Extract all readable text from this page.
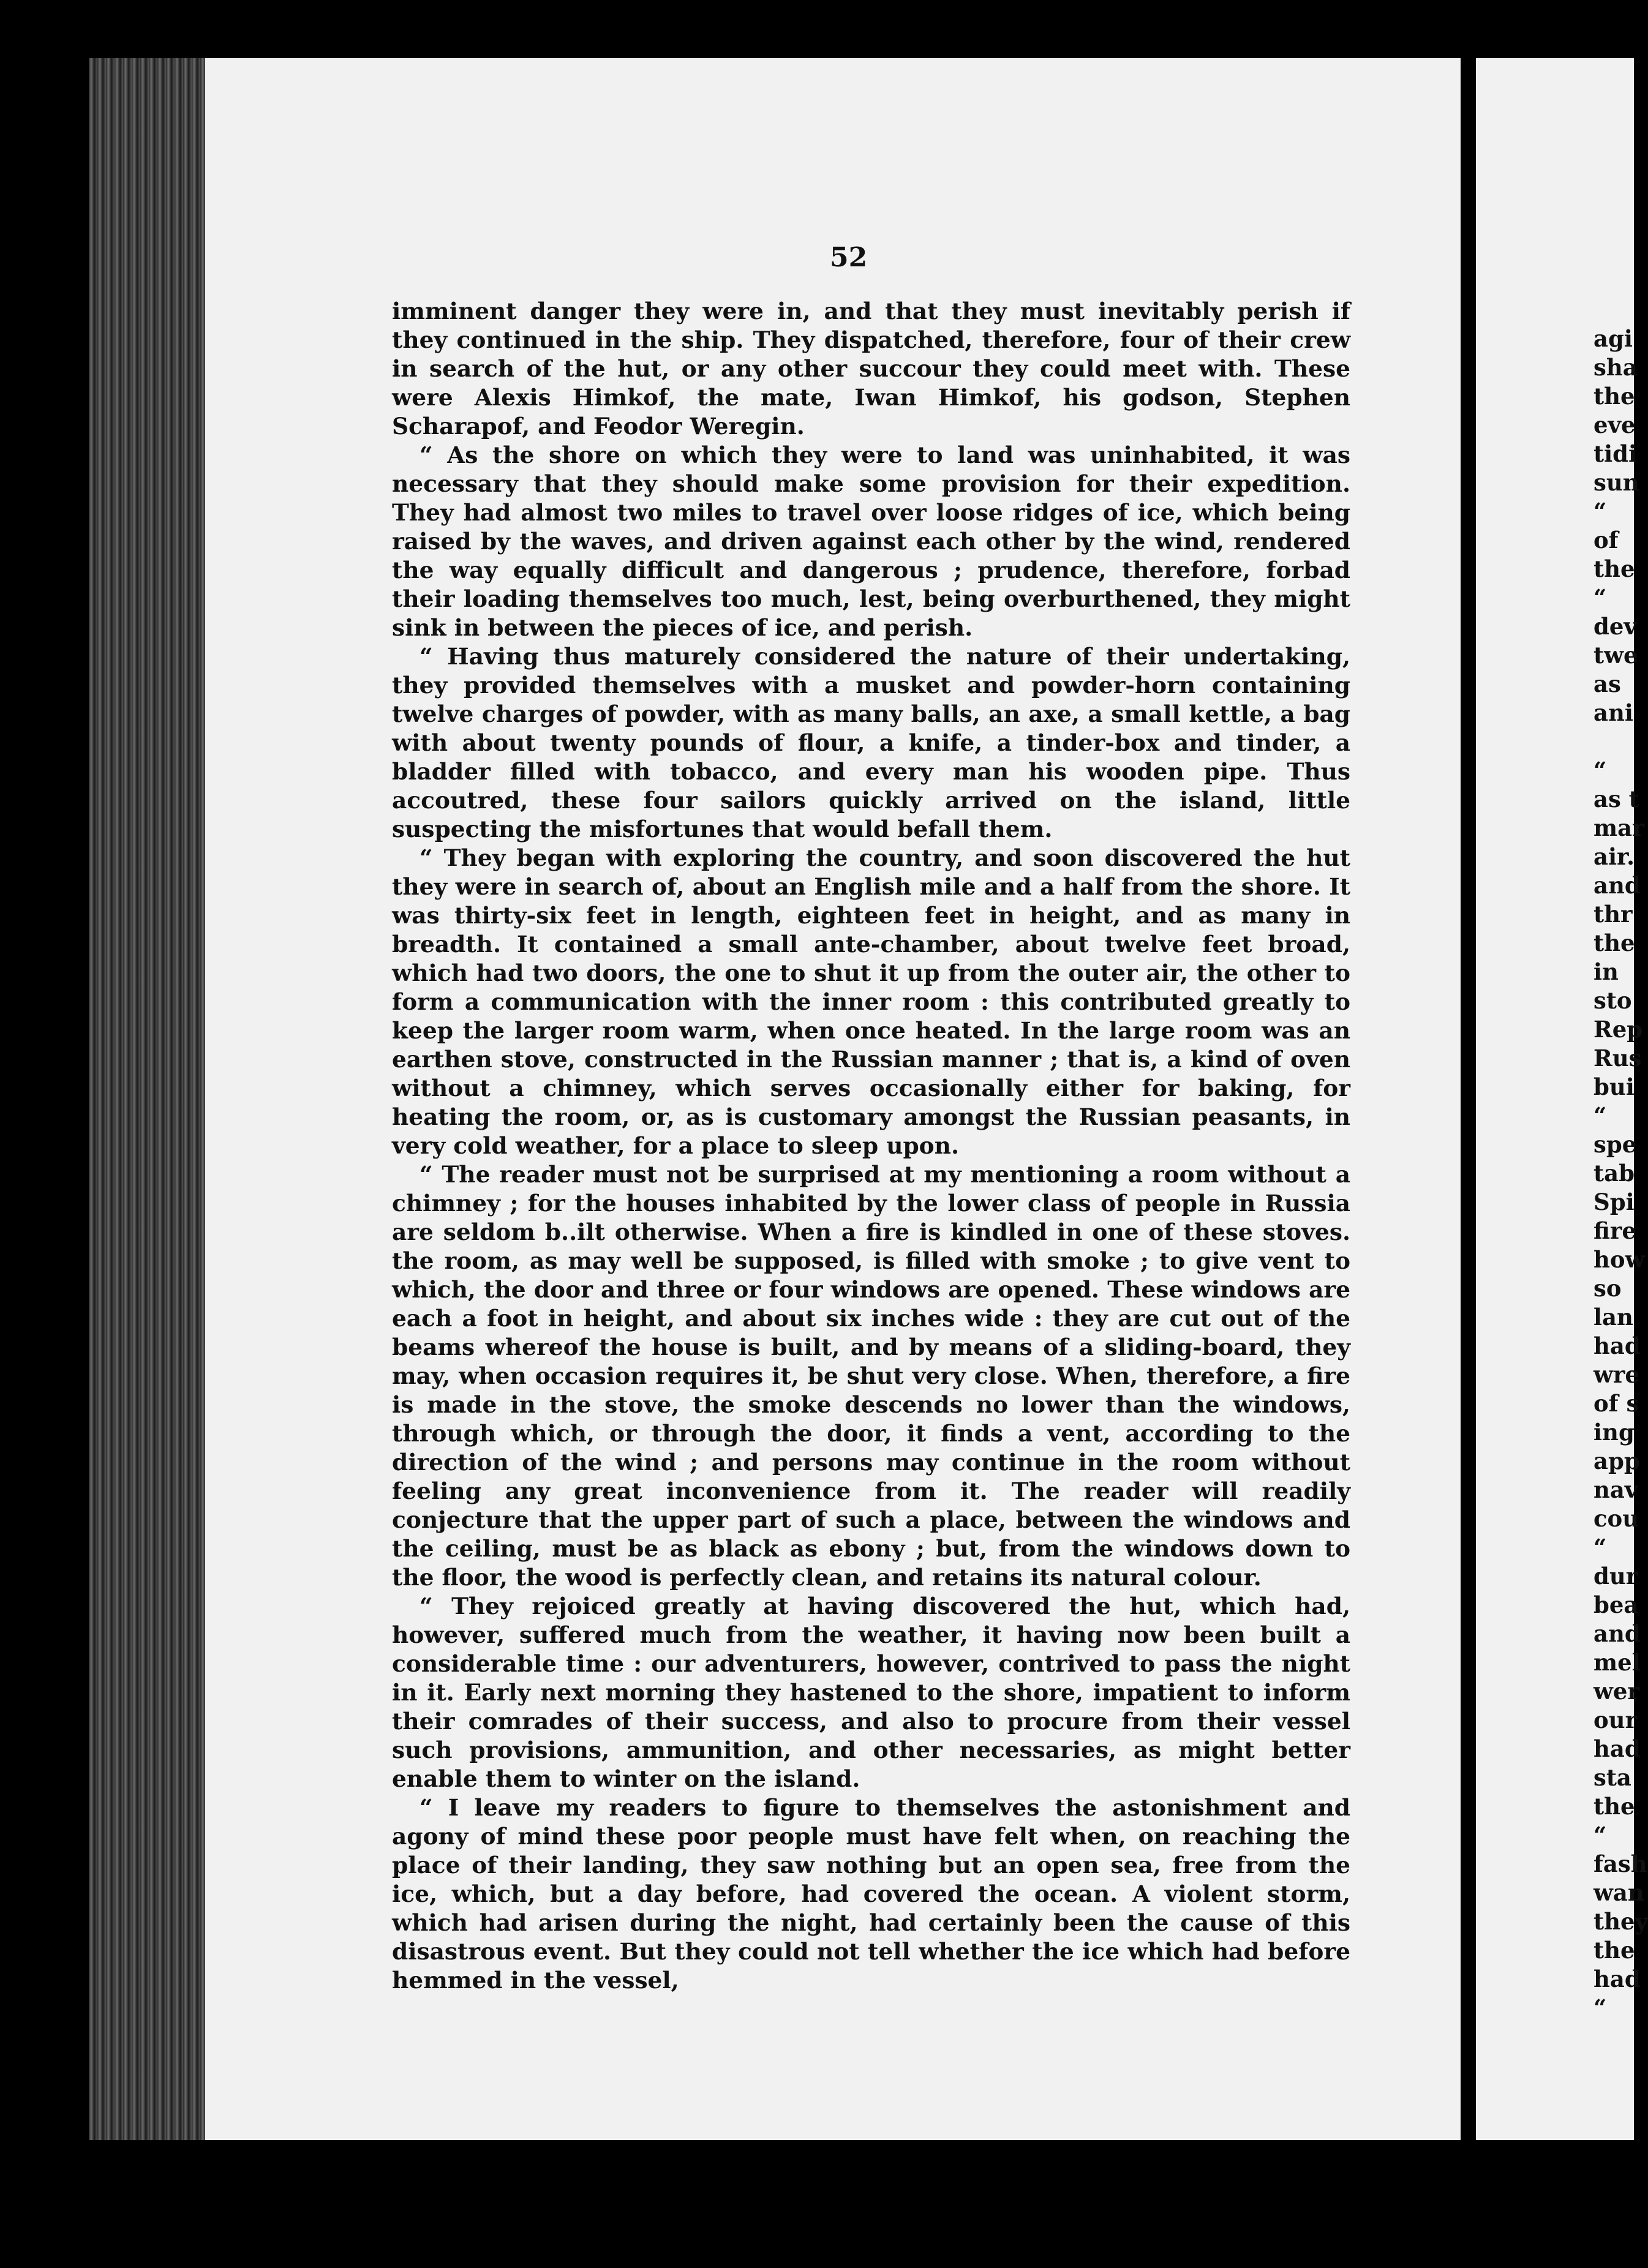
52

imminent danger they were in, and that they must inevitably perish if they continued in the ship. They dispatched, therefore, four of their crew in search of the hut, or any other succour they could meet with. These were Alexis Himkof, the mate, Iwan Himkof, his godson, Stephen Scharapof, and Feodor Weregin.

“ As the shore on which they were to land was uninhabited, it was necessary that they should make some provision for their expedition. They had almost two miles to travel over loose ridges of ice, which being raised by the waves, and driven against each other by the wind, rendered the way equally difficult and dangerous ; prudence, therefore, forbad their loading themselves too much, lest, being overburthened, they might sink in between the pieces of ice, and perish.

“ Having thus maturely considered the nature of their undertaking, they provided themselves with a musket and powder-horn containing twelve charges of powder, with as many balls, an axe, a small kettle, a bag with about twenty pounds of flour, a knife, a tinder-box and tinder, a bladder filled with tobacco, and every man his wooden pipe. Thus accoutred, these four sailors quickly arrived on the island, little suspecting the misfortunes that would befall them.

“ They began with exploring the country, and soon discovered the hut they were in search of, about an English mile and a half from the shore. It was thirty-six feet in length, eighteen feet in height, and as many in breadth. It contained a small ante-chamber, about twelve feet broad, which had two doors, the one to shut it up from the outer air, the other to form a communication with the inner room : this contributed greatly to keep the larger room warm, when once heated. In the large room was an earthen stove, constructed in the Russian manner ; that is, a kind of oven without a chimney, which serves occasionally either for baking, for heating the room, or, as is customary amongst the Russian peasants, in very cold weather, for a place to sleep upon.

“ The reader must not be surprised at my mentioning a room without a chimney ; for the houses inhabited by the lower class of people in Russia are seldom b..ilt otherwise. When a fire is kindled in one of these stoves. the room, as may well be supposed, is filled with smoke ; to give vent to which, the door and three or four windows are opened. These windows are each a foot in height, and about six inches wide : they are cut out of the beams whereof the house is built, and by means of a sliding-board, they may, when occasion requires it, be shut very close. When, therefore, a fire is made in the stove, the smoke descends no lower than the windows, through which, or through the door, it finds a vent, according to the direction of the wind ; and persons may continue in the room without feeling any great inconvenience from it. The reader will readily conjecture that the upper part of such a place, between the windows and the ceiling, must be as black as ebony ; but, from the windows down to the floor, the wood is perfectly clean, and retains its natural colour.

“ They rejoiced greatly at having discovered the hut, which had, however, suffered much from the weather, it having now been built a considerable time : our adventurers, however, contrived to pass the night in it. Early next morning they hastened to the shore, impatient to inform their comrades of their success, and also to procure from their vessel such provisions, ammunition, and other necessaries, as might better enable them to winter on the island.

“ I leave my readers to figure to themselves the astonishment and agony of mind these poor people must have felt when, on reaching the place of their landing, they saw nothing but an open sea, free from the ice, which, but a day before, had covered the ocean. A violent storm, which had arisen during the night, had certainly been the cause of this disastrous event. But they could not tell whether the ice which had before hemmed in the vessel,

agi
sha
the
eve
tidi
sun
“
of
the
“
dev
twe
as
ani
“
as t
mar
air.
and
thr
the
in
sto
Rep
Rus
bui
“
spe
tab
Spi
fire
how
so
lan
had
wre
of s
ing
app
nav
cou
“
dur
bea
and
mel
wer
our
had
sta
the
“
fash
wan
they
the
had
“
